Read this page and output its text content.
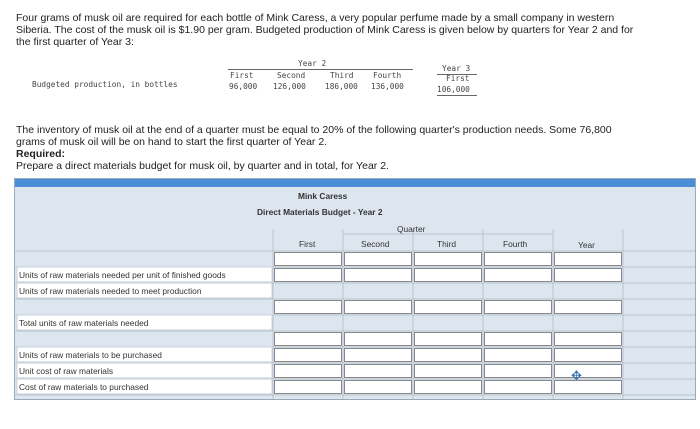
Four grams of musk oil are required for each bottle of Mink Caress, a very popular perfume made by a small company in western
Siberia. The cost of the musk oil is $1.90 per gram. Budgeted production of Mink Caress is given below by quarters for Year 2 and for
the first quarter of Year 3:
Year 2
Year 3
First	Second	Third	Fourth	First
Budgeted production, in bottles	96,000 126,000 186,000 136,000	106,000
The inventory of musk oil at the end of a quarter must be equal to 20% of the following quarter's production needs. Some 76,800
grams of musk oil will be on hand to start the first quarter of Year 2.
Required:
Prepare a direct materials budget for musk oil, by quarter and in total, for Year 2.
Mink Caress
Direct Materials Budget - Year 2
Quarter
First	Second	Third	Fourth	Year
Units of raw materials needed per unit of finished goods
Units of raw materials needed to meet production
Total units of raw materials needed
Units of raw materials to be purchased
Unit cost of raw materials
Cost of raw materials to purchased
✥
